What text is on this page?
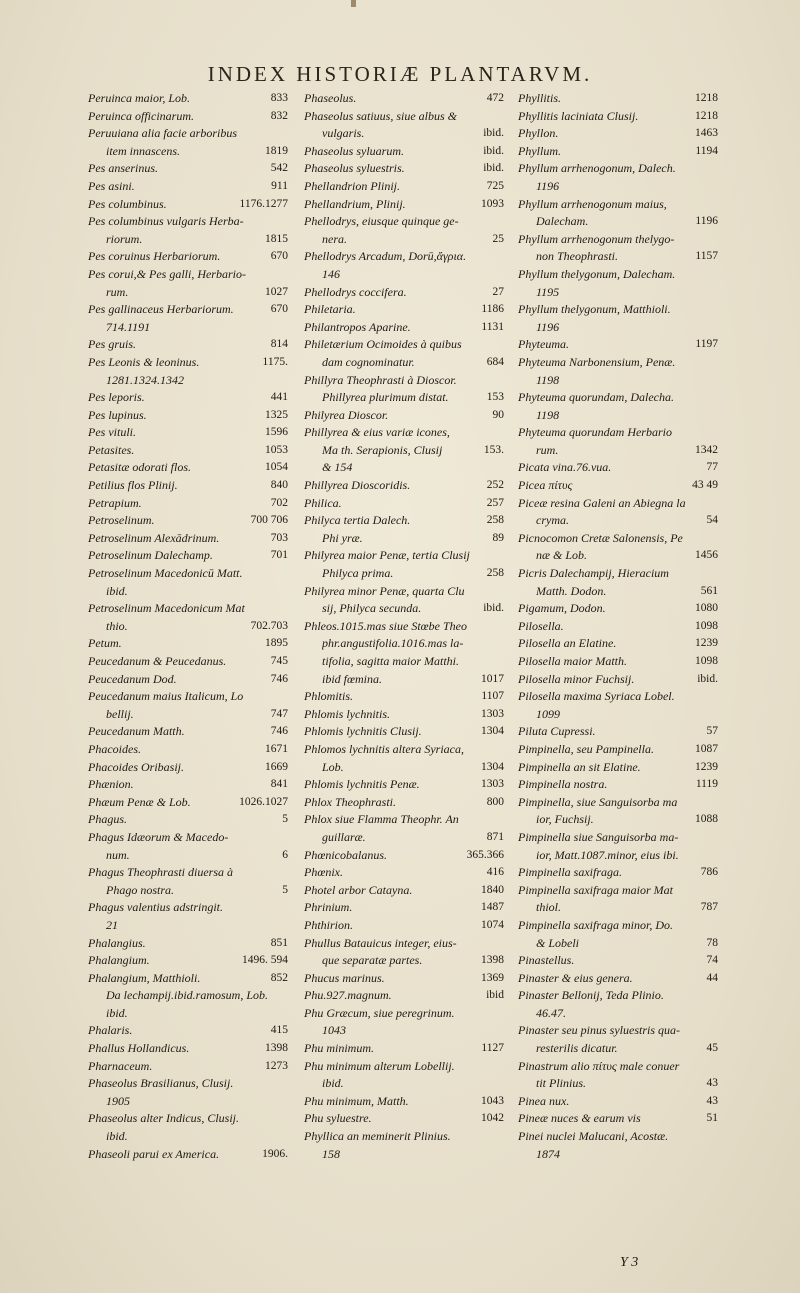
INDEX HISTORIÆ PLANTARVM.
Peruinca maior, Lob.	833
Peruinca officinarum.	832
Peruuiana alia facie arboribus
item innascens.	1819
Pes anserinus.	542
Pes asini.	911
Pes columbinus.	1176.1277
Pes columbinus vulgaris Herba-
riorum.	1815
Pes coruinus Herbariorum.	670
Pes corui,& Pes galli, Herbario-
rum.	1027
Pes gallinaceus Herbariorum.	670
714.1191
Pes gruis.	814
Pes Leonis & leoninus.	1175.
1281.1324.1342
Pes leporis.	441
Pes lupinus.	1325
Pes vituli.	1596
Petasites.	1053
Petasitæ odorati flos.	1054
Petilius flos Plinij.	840
Petrapium.	702
Petroselinum.	700 706
Petroselinum Alexādrinum.	703
Petroselinum Dalechamp.	701
Petroselinum Macedonicū Matt.
ibid.
Petroselinum Macedonicum Mat
thio.	702.703
Petum.	1895
Peucedanum & Peucedanus.	745
Peucedanum Dod.	746
Peucedanum maius Italicum, Lo
bellij.	747
Peucedanum Matth.	746
Phacoides.	1671
Phacoides Oribasij.	1669
Phænion.	841
Phæum Penæ & Lob.	1026.1027
Phagus.	5
Phagus Idæorum & Macedo-
num.	6
Phagus Theophrasti diuersa à
Phago nostra.	5
Phagus valentius adstringit.
21
Phalangius.	851
Phalangium.	1496. 594
Phalangium, Matthioli.	852
Da lechampij.ibid.ramosum, Lob.
ibid.
Phalaris.	415
Phallus Hollandicus.	1398
Pharnaceum.	1273
Phaseolus Brasilianus, Clusij.
1905
Phaseolus alter Indicus, Clusij.
ibid.
Phaseoli parui ex America.	1906.
Phaseolus.	472
Phaseolus satiuus, siue albus &
vulgaris.	ibid.
Phaseolus syluarum.	ibid.
Phaseolus syluestris.	ibid.
Phellandrion Plinij.	725
Phellandrium, Plinij.	1093
Phellodrys, eiusque quinque ge-
nera.	25
Phellodrys Arcadum, Dorū,ἄγρια.
146
Phellodrys coccifera.	27
Philetaria.	1186
Philantropos Aparine.	1131
Philetærium Ocimoides à quibus
dam cognominatur.	684
Phillyra Theophrasti à Dioscor.
Phillyrea plurimum distat.	153
Philyrea Dioscor.	90
Phillyrea & eius variæ icones,
Ma th. Serapionis, Clusij	153.
& 154
Phillyrea Dioscoridis.	252
Philica.	257
Philyca tertia Dalech.	258
Phi yræ.	89
Philyrea maior Penæ, tertia Clusij
Philyca prima.	258
Philyrea minor Penæ, quarta Clu
sij, Philyca secunda.	ibid.
Phleos.1015.mas siue Stœbe Theo
phr.angustifolia.1016.mas la-
tifolia, sagitta maior Matthi.
ibid fœmina.	1017
Phlomitis.	1107
Phlomis lychnitis.	1303
Phlomis lychnitis Clusij.	1304
Phlomos lychnitis altera Syriaca,
Lob.	1304
Phlomis lychnitis Penæ.	1303
Phlox Theophrasti.	800
Phlox siue Flamma Theophr. An
guillaræ.	871
Phœnicobalanus.	365.366
Phœnix.	416
Photel arbor Catayna.	1840
Phrinium.	1487
Phthirion.	1074
Phullus Batauicus integer, eius-
que separatæ partes.	1398
Phucus marinus.	1369
Phu.927.magnum.	ibid
Phu Græcum, siue peregrinum.
1043
Phu minimum.	1127
Phu minimum alterum Lobellij.
ibid.
Phu minimum, Matth.	1043
Phu syluestre.	1042
Phyllica an meminerit Plinius.
158
Phyllitis.	1218
Phyllitis laciniata Clusij.	1218
Phyllon.	1463
Phyllum.	1194
Phyllum arrhenogonum, Dalech.
1196
Phyllum arrhenogonum maius,
Dalecham.	1196
Phyllum arrhenogonum thelygo-
non Theophrasti.	1157
Phyllum thelygonum, Dalecham.
1195
Phyllum thelygonum, Matthioli.
1196
Phyteuma.	1197
Phyteuma Narbonensium, Penæ.
1198
Phyteuma quorundam, Dalecha.
1198
Phyteuma quorundam Herbario
rum.	1342
Picata vina.76.vua.	77
Picea πίτυς	43 49
Piceæ resina Galeni an Abiegna la
cryma.	54
Picnocomon Cretæ Salonensis, Pe
næ & Lob.	1456
Picris Dalechampij, Hieracium
Matth. Dodon.	561
Pigamum, Dodon.	1080
Pilosella.	1098
Pilosella an Elatine.	1239
Pilosella maior Matth.	1098
Pilosella minor Fuchsij.	ibid.
Pilosella maxima Syriaca Lobel.
1099
Piluta Cupressi.	57
Pimpinella, seu Pampinella.	1087
Pimpinella an sit Elatine.	1239
Pimpinella nostra.	1119
Pimpinella, siue Sanguisorba ma
ior, Fuchsij.	1088
Pimpinella siue Sanguisorba ma-
ior, Matt.1087.minor, eius ibi.
Pimpinella saxifraga.	786
Pimpinella saxifraga maior Mat
thiol.	787
Pimpinella saxifraga minor, Do.
& Lobeli	78
Pinastellus.	74
Pinaster & eius genera.	44
Pinaster Bellonij, Teda Plinio.
46.47.
Pinaster seu pinus syluestris qua-
resterilis dicatur.	45
Pinastrum alio πίτυς male conuer
tit Plinius.	43
Pinea nux.	43
Pineæ nuces & earum vis	51
Pinei nuclei Malucani, Acostæ.
1874
Y 3
